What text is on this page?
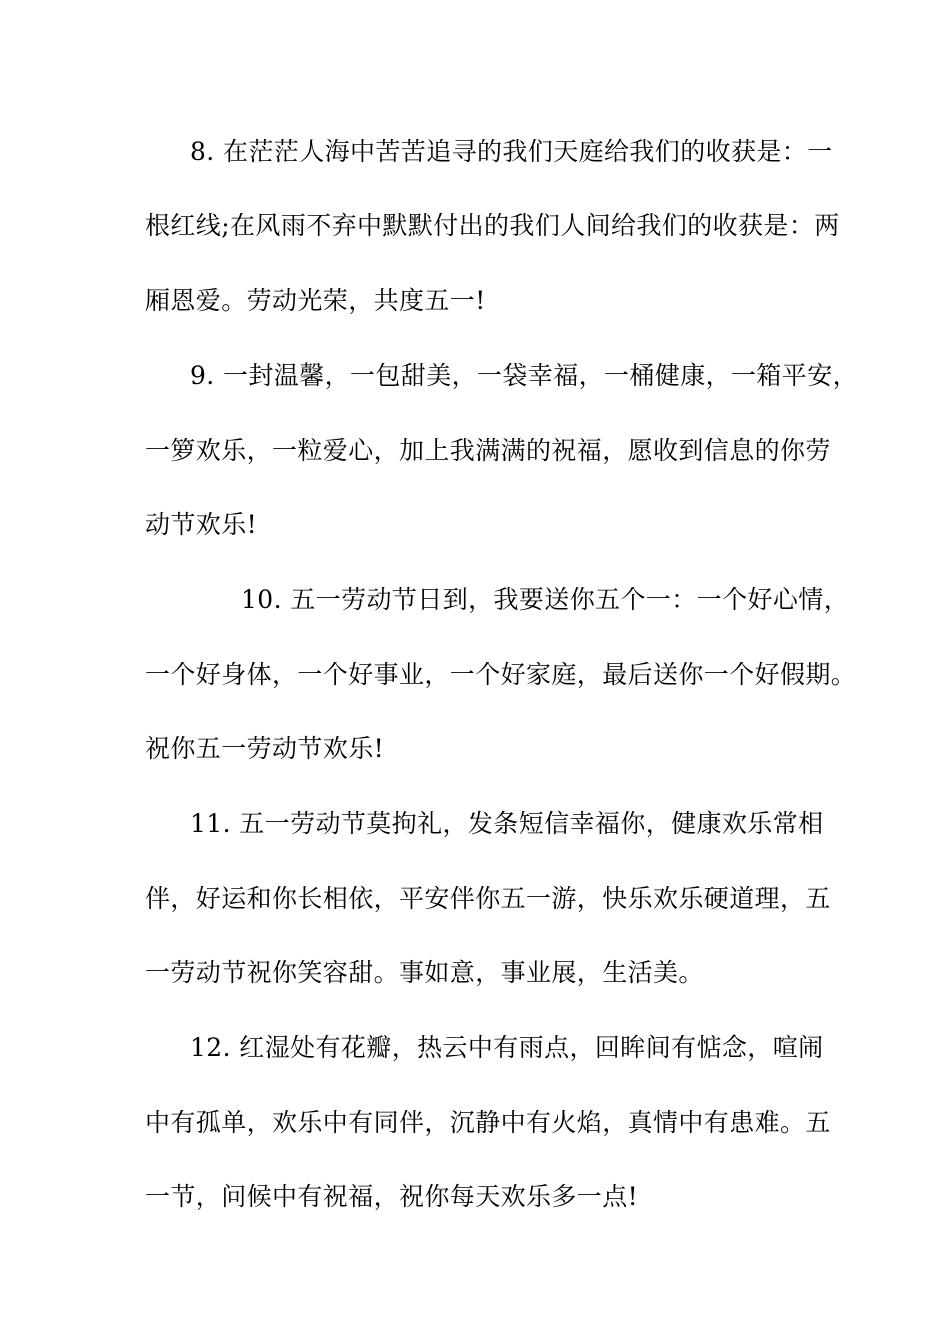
8. 在茫茫人海中苦苦追寻的我们天庭给我们的收获是：一
根红线;在风雨不弃中默默付出的我们人间给我们的收获是：两
厢恩爱。劳动光荣，共度五一!
9. 一封温馨，一包甜美，一袋幸福，一桶健康，一箱平安，
一箩欢乐，一粒爱心，加上我满满的祝福，愿收到信息的你劳
动节欢乐!
10. 五一劳动节日到，我要送你五个一：一个好心情，
一个好身体，一个好事业，一个好家庭，最后送你一个好假期。
祝你五一劳动节欢乐!
11. 五一劳动节莫拘礼，发条短信幸福你，健康欢乐常相
伴，好运和你长相依，平安伴你五一游，快乐欢乐硬道理，五
一劳动节祝你笑容甜。事如意，事业展，生活美。
12. 红湿处有花瓣，热云中有雨点，回眸间有惦念，喧闹
中有孤单，欢乐中有同伴，沉静中有火焰，真情中有患难。五
一节，问候中有祝福，祝你每天欢乐多一点!
